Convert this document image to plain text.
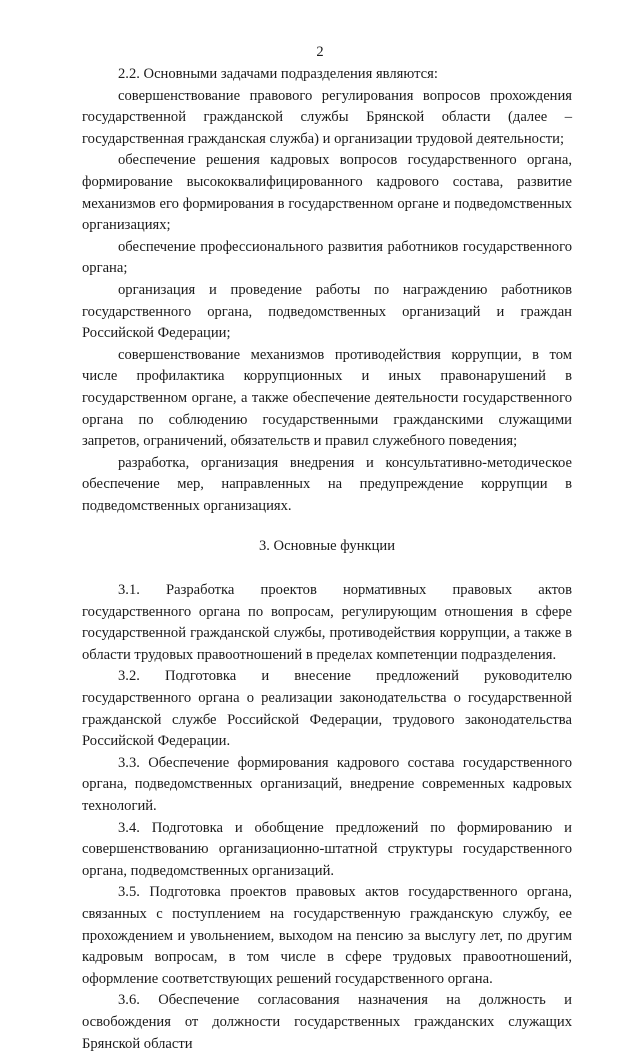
2

2.2. Основными задачами подразделения являются:

совершенствование правового регулирования вопросов прохождения государственной гражданской службы Брянской области (далее – государственная гражданская служба) и организации трудовой деятельности;

обеспечение решения кадровых вопросов государственного органа, формирование высококвалифицированного кадрового состава, развитие механизмов его формирования в государственном органе и подведомственных организациях;

обеспечение профессионального развития работников государственного органа;

организация и проведение работы по награждению работников государственного органа, подведомственных организаций и граждан Российской Федерации;

совершенствование механизмов противодействия коррупции, в том числе профилактика коррупционных и иных правонарушений в государственном органе, а также обеспечение деятельности государственного органа по соблюдению государственными гражданскими служащими запретов, ограничений, обязательств и правил служебного поведения;

разработка, организация внедрения и консультативно-методическое обеспечение мер, направленных на предупреждение коррупции в подведомственных организациях.

3. Основные функции

3.1. Разработка проектов нормативных правовых актов государственного органа по вопросам, регулирующим отношения в сфере государственной гражданской службы, противодействия коррупции, а также в области трудовых правоотношений в пределах компетенции подразделения.

3.2. Подготовка и внесение предложений руководителю государственного органа о реализации законодательства о государственной гражданской службе Российской Федерации, трудового законодательства Российской Федерации.

3.3. Обеспечение формирования кадрового состава государственного органа, подведомственных организаций, внедрение современных кадровых технологий.

3.4. Подготовка и обобщение предложений по формированию и совершенствованию организационно-штатной структуры государственного органа, подведомственных организаций.

3.5. Подготовка проектов правовых актов государственного органа, связанных с поступлением на государственную гражданскую службу, ее прохождением и увольнением, выходом на пенсию за выслугу лет, по другим кадровым вопросам, в том числе в сфере трудовых правоотношений, оформление соответствующих решений государственного органа.

3.6. Обеспечение согласования назначения на должность и освобождения от должности государственных гражданских служащих Брянской области
